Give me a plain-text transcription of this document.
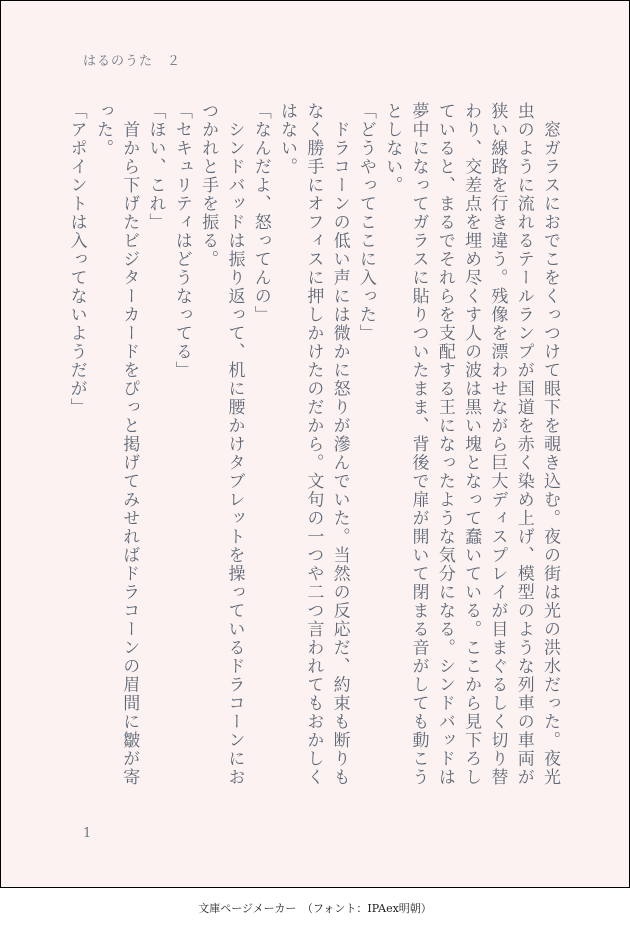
はるのうた　２

　窓ガラスにおでこをくっつけて眼下を覗き込む。夜の街は光の洪水だった。夜光虫のように流れるテールランプが国道を赤く染め上げ、模型のような列車の車両が狭い線路を行き違う。残像を漂わせながら巨大ディスプレイが目まぐるしく切り替わり、交差点を埋め尽くす人の波は黒い塊となって蠢いている。ここから見下ろしていると、まるでそれらを支配する王になったような気分になる。シンドバッドは夢中になってガラスに貼りついたまま、背後で扉が開いて閉まる音がしても動こうとしない。

「どうやってここに入った」

　ドラコーンの低い声には微かに怒りが滲んでいた。当然の反応だ、約束も断りもなく勝手にオフィスに押しかけたのだから。文句の一つや二つ言われてもおかしくはない。

「なんだよ、怒ってんの」

　シンドバッドは振り返って、机に腰かけタブレットを操っているドラコーンにおつかれと手を振る。

「セキュリティはどうなってる」

「ほい、これ」

　首から下げたビジターカードをぴっと掲げてみせればドラコーンの眉間に皺が寄った。

「アポイントは入ってないようだが」

1
文庫ページメーカー　（フォント：IPAex明朝）
